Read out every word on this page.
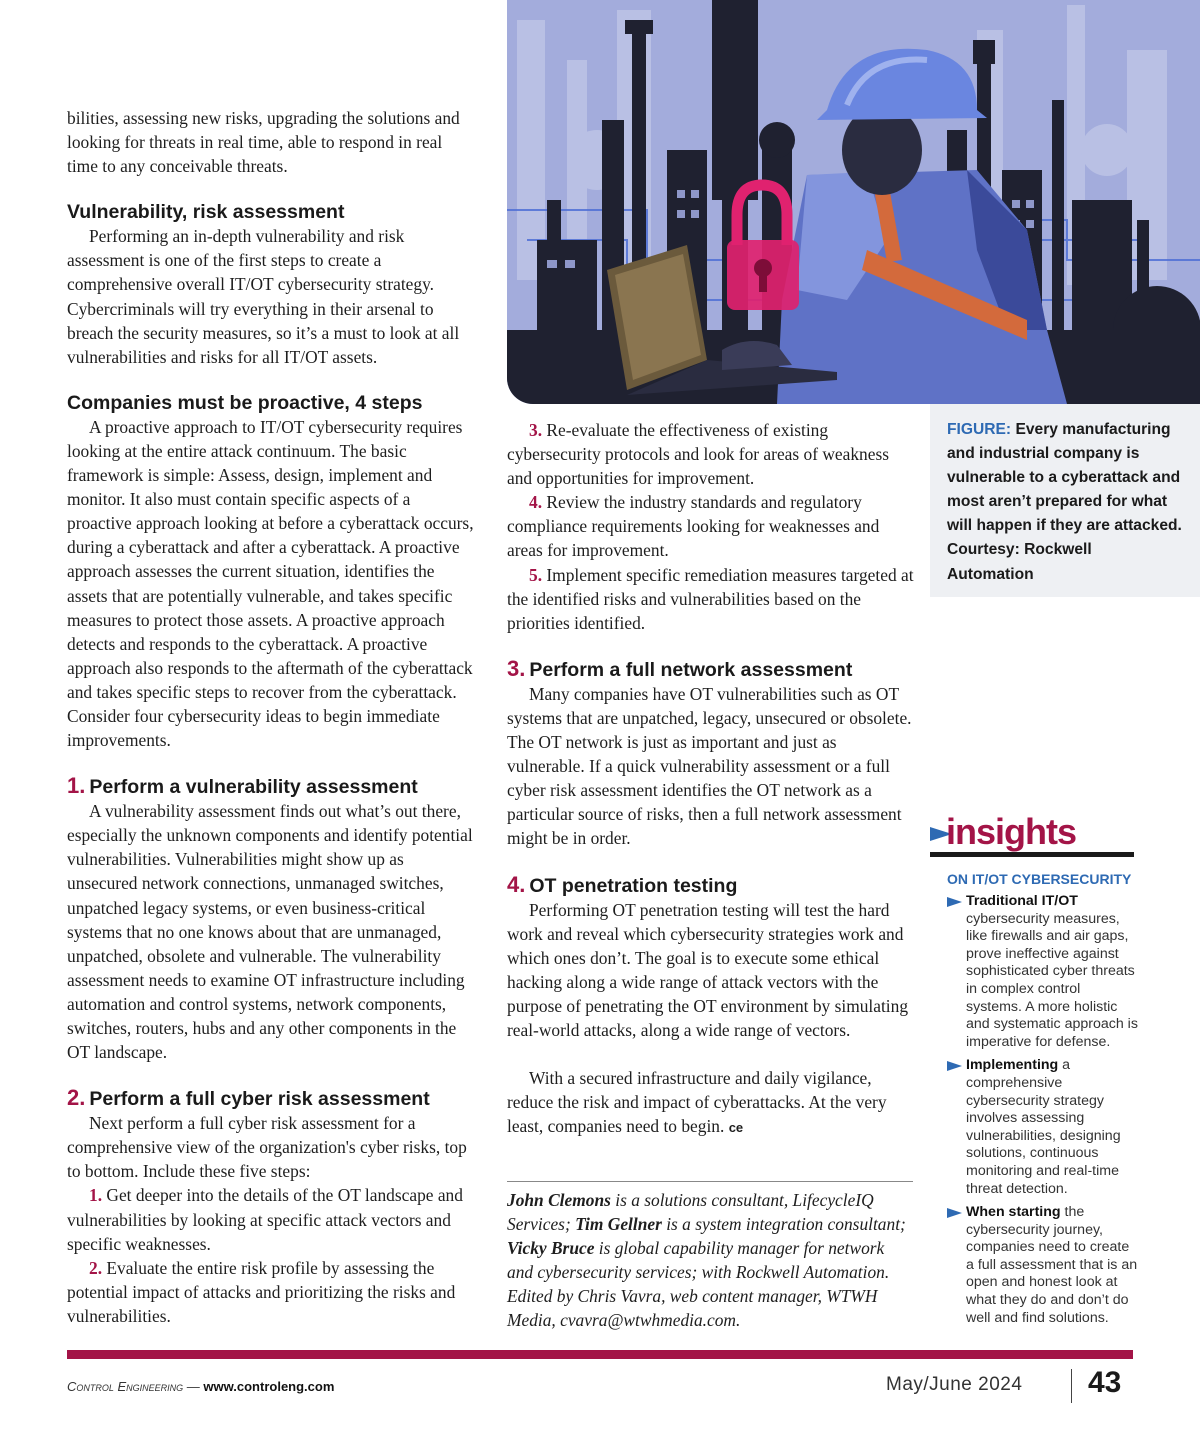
bilities, assessing new risks, upgrading the solutions and looking for threats in real time, able to respond in real time to any conceivable threats.

Vulnerability, risk assessment

Performing an in-depth vulnerability and risk assessment is one of the first steps to create a comprehensive overall IT/OT cybersecurity strategy. Cybercriminals will try everything in their arsenal to breach the security measures, so it’s a must to look at all vulnerabilities and risks for all IT/OT assets.

Companies must be proactive, 4 steps

A proactive approach to IT/OT cybersecurity requires looking at the entire attack continuum. The basic framework is simple: Assess, design, implement and monitor. It also must contain specific aspects of a proactive approach looking at before a cyberattack occurs, during a cyberattack and after a cyberattack. A proactive approach assesses the current situation, identifies the assets that are potentially vulnerable, and takes specific measures to protect those assets. A proactive approach detects and responds to the cyberattack. A proactive approach also responds to the aftermath of the cyberattack and takes specific steps to recover from the cyberattack. Consider four cybersecurity ideas to begin immediate improvements.

1. Perform a vulnerability assessment

A vulnerability assessment finds out what’s out there, especially the unknown components and identify potential vulnerabilities. Vulnerabilities might show up as unsecured network connections, unmanaged switches, unpatched legacy systems, or even business-critical systems that no one knows about that are unmanaged, unpatched, obsolete and vulnerable. The vulnerability assessment needs to examine OT infrastructure including automation and control systems, network components, switches, routers, hubs and any other components in the OT landscape.

2. Perform a full cyber risk assessment

Next perform a full cyber risk assessment for a comprehensive view of the organization's cyber risks, top to bottom. Include these five steps:

1. Get deeper into the details of the OT landscape and vulnerabilities by looking at specific attack vectors and specific weaknesses.

2. Evaluate the entire risk profile by assessing the potential impact of attacks and prioritizing the risks and vulnerabilities.

3. Re-evaluate the effectiveness of existing cybersecurity protocols and look for areas of weakness and opportunities for improvement.

4. Review the industry standards and regulatory compliance requirements looking for weaknesses and areas for improvement.

5. Implement specific remediation measures targeted at the identified risks and vulnerabilities based on the priorities identified.

3. Perform a full network assessment

Many companies have OT vulnerabilities such as OT systems that are unpatched, legacy, unsecured or obsolete. The OT network is just as important and just as vulnerable. If a quick vulnerability assessment or a full cyber risk assessment identifies the OT network as a particular source of risks, then a full network assessment might be in order.

4. OT penetration testing

Performing OT penetration testing will test the hard work and reveal which cybersecurity strategies work and which ones don’t. The goal is to execute some ethical hacking along a wide range of attack vectors with the purpose of penetrating the OT environment by simulating real-world attacks, along a wide range of vectors.

With a secured infrastructure and daily vigilance, reduce the risk and impact of cyberattacks. At the very least, companies need to begin. ce

John Clemons is a solutions consultant, LifecycleIQ Services; Tim Gellner is a system integration consultant; Vicky Bruce is global capability manager for network and cybersecurity services; with Rockwell Automation. Edited by Chris Vavra, web content manager, WTWH Media, cvavra@wtwhmedia.com.
FIGURE: Every manufacturing and industrial company is vulnerable to a cyberattack and most aren’t prepared for what will happen if they are attacked. Courtesy: Rockwell Automation
insights
ON IT/OT CYBERSECURITY
Traditional IT/OT cybersecurity measures, like firewalls and air gaps, prove ineffective against sophisticated cyber threats in complex control systems. A more holistic and systematic approach is imperative for defense.
Implementing a comprehensive cybersecurity strategy involves assessing vulnerabilities, designing solutions, continuous monitoring and real-time threat detection.
When starting the cybersecurity journey, companies need to create a full assessment that is an open and honest look at what they do and don’t do well and find solutions.
Control Engineering — www.controleng.com	May/June 2024 43
